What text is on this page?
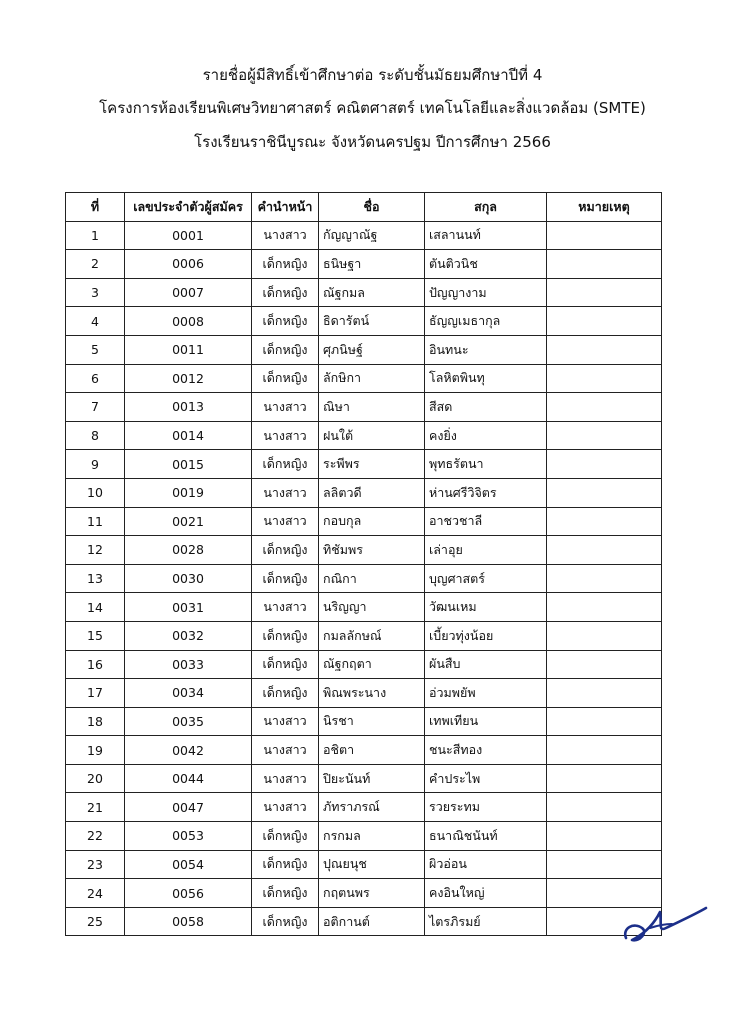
รายชื่อผู้มีสิทธิ์เข้าศึกษาต่อ ระดับชั้นมัธยมศึกษาปีที่ 4
โครงการห้องเรียนพิเศษวิทยาศาสตร์ คณิตศาสตร์ เทคโนโลยีและสิ่งแวดล้อม (SMTE)
โรงเรียนราชินีบูรณะ จังหวัดนครปฐม ปีการศึกษา 2566
ที่	เลขประจำตัวผู้สมัคร	คำนำหน้า	ชื่อ	สกุล	หมายเหตุ
1	0001	นางสาว	กัญญาณัฐ	เสลานนท์	
2	0006	เด็กหญิง	ธนิษฐา	ตันติวนิช	
3	0007	เด็กหญิง	ณัฐกมล	ปัญญางาม	
4	0008	เด็กหญิง	ธิดารัตน์	ธัญญเมธากุล	
5	0011	เด็กหญิง	ศุภนิษฐ์	อินทนะ	
6	0012	เด็กหญิง	ลักษิกา	โลหิตพินทุ	
7	0013	นางสาว	ณิษา	สีสด	
8	0014	นางสาว	ฝนใต้	คงยิ่ง	
9	0015	เด็กหญิง	ระพีพร	พุทธรัตนา	
10	0019	นางสาว	ลลิตวดี	ห่านศรีวิจิตร	
11	0021	นางสาว	กอบกุล	อาชวชาลี	
12	0028	เด็กหญิง	ทิชัมพร	เล่าอุย	
13	0030	เด็กหญิง	กณิกา	บุญศาสตร์	
14	0031	นางสาว	นริญญา	วัฒนเหม	
15	0032	เด็กหญิง	กมลลักษณ์	เบี้ยวทุ่งน้อย	
16	0033	เด็กหญิง	ณัฐกฤตา	ผันสืบ	
17	0034	เด็กหญิง	พิณพระนาง	อ่วมพยัพ	
18	0035	นางสาว	นิรชา	เทพเทียน	
19	0042	นางสาว	อชิตา	ชนะสีทอง	
20	0044	นางสาว	ปิยะนันท์	คำประไพ	
21	0047	นางสาว	ภัทราภรณ์	รวยระทม	
22	0053	เด็กหญิง	กรกมล	ธนาณิชนันท์	
23	0054	เด็กหญิง	ปุณยนุช	ผิวอ่อน	
24	0056	เด็กหญิง	กฤตนพร	คงอินใหญ่	
25	0058	เด็กหญิง	อติกานต์	ไตรภิรมย์	
